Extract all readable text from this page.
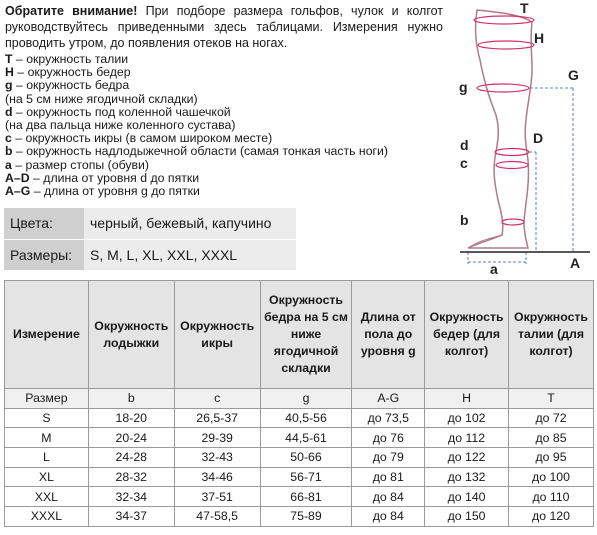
Обратите внимание! При подборе размера гольфов, чулок и колгот руководствуйтесь приведенными здесь таблицами. Измерения нужно проводить утром, до появления отеков на ногах.
T – окружность талии
H – окружность бедер
g – окружность бедра
(на 5 см ниже ягодичной складки)
d – окружность под коленной чашечкой
(на два пальца ниже коленного сустава)
c – окружность икры (в самом широком месте)
b – окружность надлодыжечной области (самая тонкая часть ноги)
a – размер стопы (обуви)
A–D – длина от уровня d до пятки
A–G – длина от уровня g до пятки
Цвета:	черный, бежевый, капучино
Размеры:	S, M, L, XL, XXL, XXXL
T
H
G
g
d	D
c
b
a	A
Измерение	Окружность лодыжки	Окружность икры	Окружность бедра на 5 см ниже ягодичной складки	Длина от пола до уровня g	Окружность бедер (для колгот)	Окружность талии (для колгот)
Размер	b	c	g	A-G	H	T
S	18-20	26,5-37	40,5-56	до 73,5	до 102	до 72
M	20-24	29-39	44,5-61	до 76	до 112	до 85
L	24-28	32-43	50-66	до 79	до 122	до 95
XL	28-32	34-46	56-71	до 81	до 132	до 100
XXL	32-34	37-51	66-81	до 84	до 140	до 110
XXXL	34-37	47-58,5	75-89	до 84	до 150	до 120
